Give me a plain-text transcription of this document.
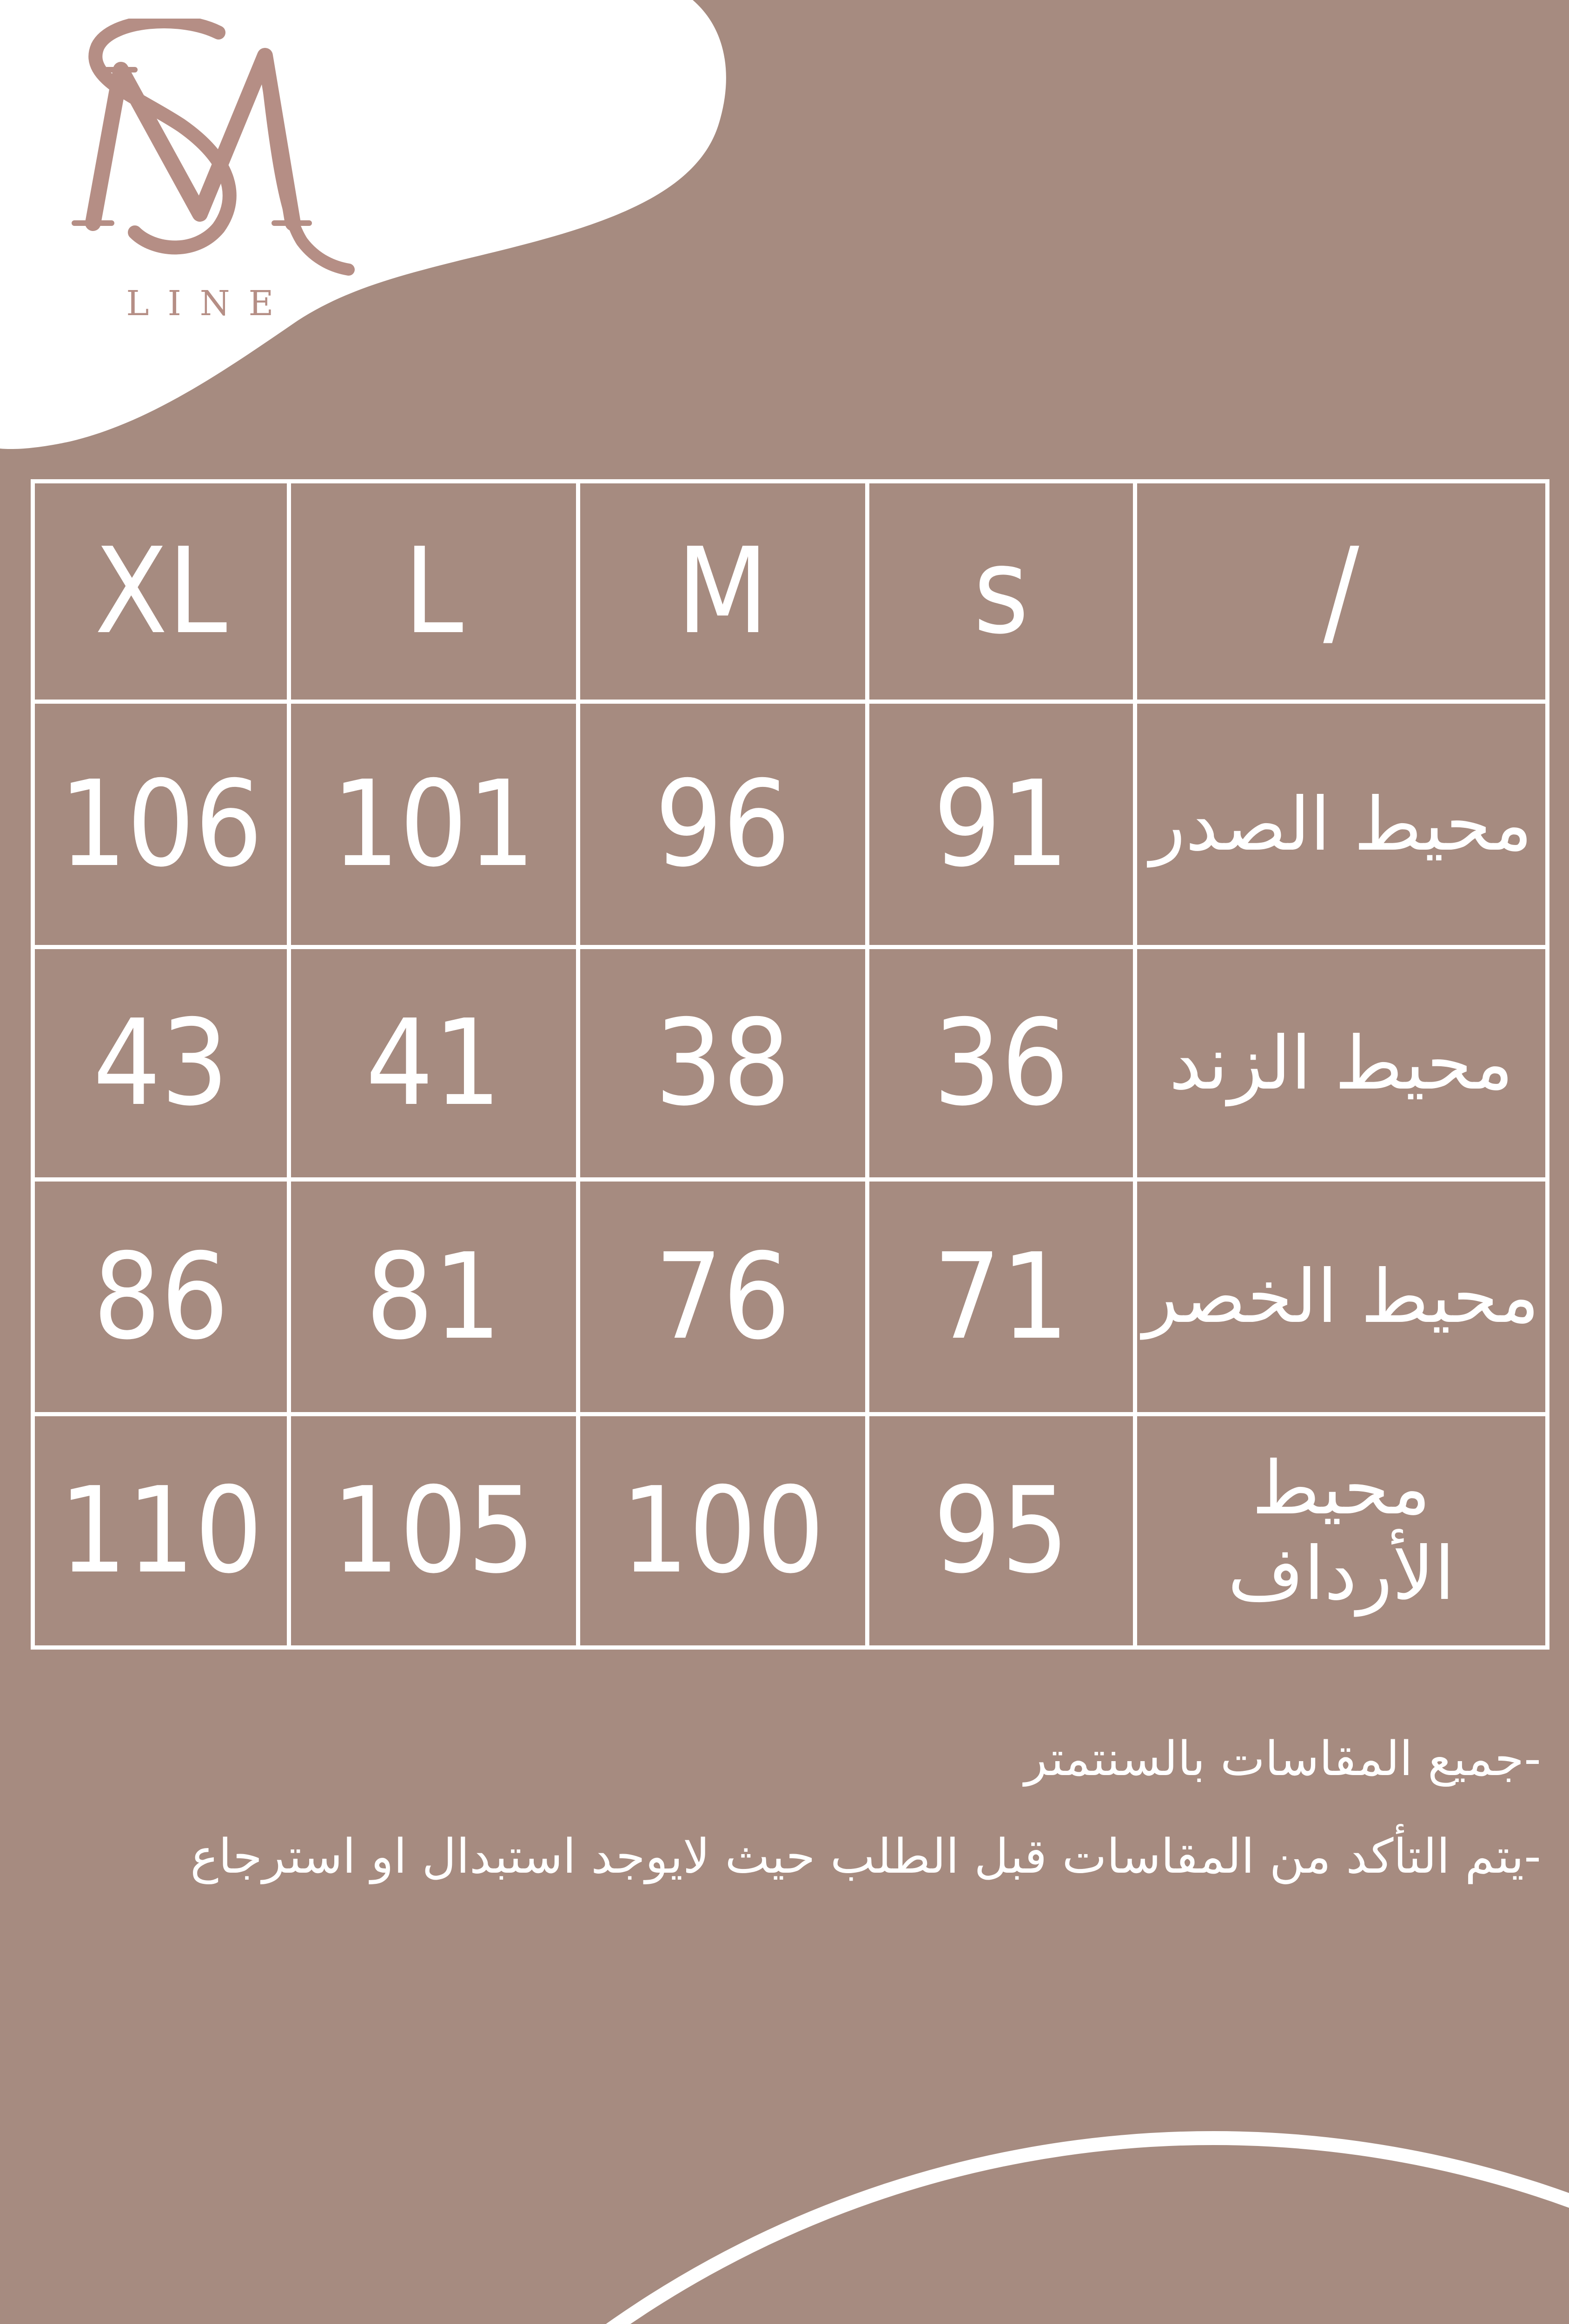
LINE
XL	L	M	s	/
106	101	96	91	محيط الصدر
43	41	38	36	محيط الزند
86	81	76	71	محيط الخصر
110	105	100	95	محيط الأرداف
-جميع المقاسات بالسنتمتر
-يتم التأكد من المقاسات قبل الطلب حيث لايوجد استبدال او استرجاع
